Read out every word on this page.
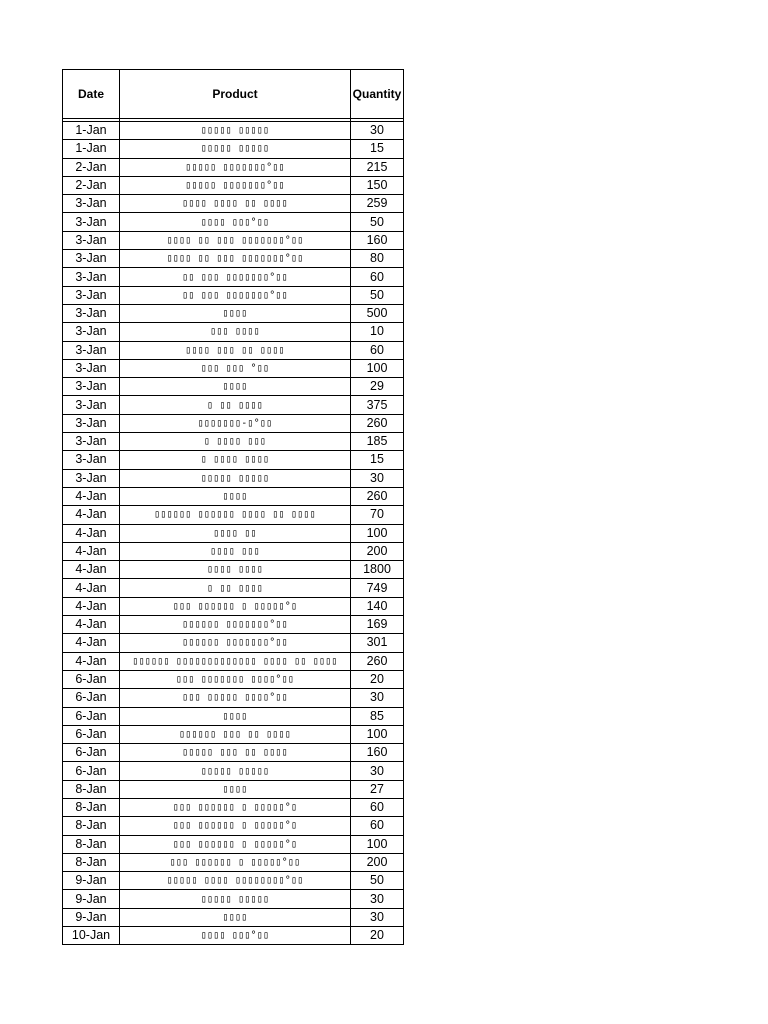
Date	Product	Quantity

1-Jan	▯▯▯▯▯ ▯▯▯▯▯	30
1-Jan	▯▯▯▯▯ ▯▯▯▯▯	15
2-Jan	▯▯▯▯▯ ▯▯▯▯▯▯▯°▯▯	215
2-Jan	▯▯▯▯▯ ▯▯▯▯▯▯▯°▯▯	150
3-Jan	▯▯▯▯ ▯▯▯▯ ▯▯ ▯▯▯▯	259
3-Jan	▯▯▯▯ ▯▯▯°▯▯	50
3-Jan	▯▯▯▯ ▯▯ ▯▯▯ ▯▯▯▯▯▯▯°▯▯	160
3-Jan	▯▯▯▯ ▯▯ ▯▯▯ ▯▯▯▯▯▯▯°▯▯	80
3-Jan	▯▯ ▯▯▯ ▯▯▯▯▯▯▯°▯▯	60
3-Jan	▯▯ ▯▯▯ ▯▯▯▯▯▯▯°▯▯	50
3-Jan	▯▯▯▯	500
3-Jan	▯▯▯ ▯▯▯▯	10
3-Jan	▯▯▯▯ ▯▯▯ ▯▯ ▯▯▯▯	60
3-Jan	▯▯▯ ▯▯▯ °▯▯	100
3-Jan	▯▯▯▯	29
3-Jan	▯ ▯▯ ▯▯▯▯	375
3-Jan	▯▯▯▯▯▯▯-▯°▯▯	260
3-Jan	▯ ▯▯▯▯ ▯▯▯	185
3-Jan	▯ ▯▯▯▯ ▯▯▯▯	15
3-Jan	▯▯▯▯▯ ▯▯▯▯▯	30
4-Jan	▯▯▯▯	260
4-Jan	▯▯▯▯▯▯ ▯▯▯▯▯▯ ▯▯▯▯ ▯▯ ▯▯▯▯	70
4-Jan	▯▯▯▯ ▯▯	100
4-Jan	▯▯▯▯ ▯▯▯	200
4-Jan	▯▯▯▯ ▯▯▯▯	1800
4-Jan	▯ ▯▯ ▯▯▯▯	749
4-Jan	▯▯▯ ▯▯▯▯▯▯ ▯ ▯▯▯▯▯°▯	140
4-Jan	▯▯▯▯▯▯ ▯▯▯▯▯▯▯°▯▯	169
4-Jan	▯▯▯▯▯▯ ▯▯▯▯▯▯▯°▯▯	301
4-Jan	▯▯▯▯▯▯ ▯▯▯▯▯▯▯▯▯▯▯▯▯ ▯▯▯▯ ▯▯ ▯▯▯▯	260
6-Jan	▯▯▯ ▯▯▯▯▯▯▯ ▯▯▯▯°▯▯	20
6-Jan	▯▯▯ ▯▯▯▯▯ ▯▯▯▯°▯▯	30
6-Jan	▯▯▯▯	85
6-Jan	▯▯▯▯▯▯ ▯▯▯ ▯▯ ▯▯▯▯	100
6-Jan	▯▯▯▯▯ ▯▯▯ ▯▯ ▯▯▯▯	160
6-Jan	▯▯▯▯▯ ▯▯▯▯▯	30
8-Jan	▯▯▯▯	27
8-Jan	▯▯▯ ▯▯▯▯▯▯ ▯ ▯▯▯▯▯°▯	60
8-Jan	▯▯▯ ▯▯▯▯▯▯ ▯ ▯▯▯▯▯°▯	60
8-Jan	▯▯▯ ▯▯▯▯▯▯ ▯ ▯▯▯▯▯°▯	100
8-Jan	▯▯▯ ▯▯▯▯▯▯ ▯ ▯▯▯▯▯°▯▯	200
9-Jan	▯▯▯▯▯ ▯▯▯▯ ▯▯▯▯▯▯▯▯°▯▯	50
9-Jan	▯▯▯▯▯ ▯▯▯▯▯	30
9-Jan	▯▯▯▯	30
10-Jan	▯▯▯▯ ▯▯▯°▯▯	20
